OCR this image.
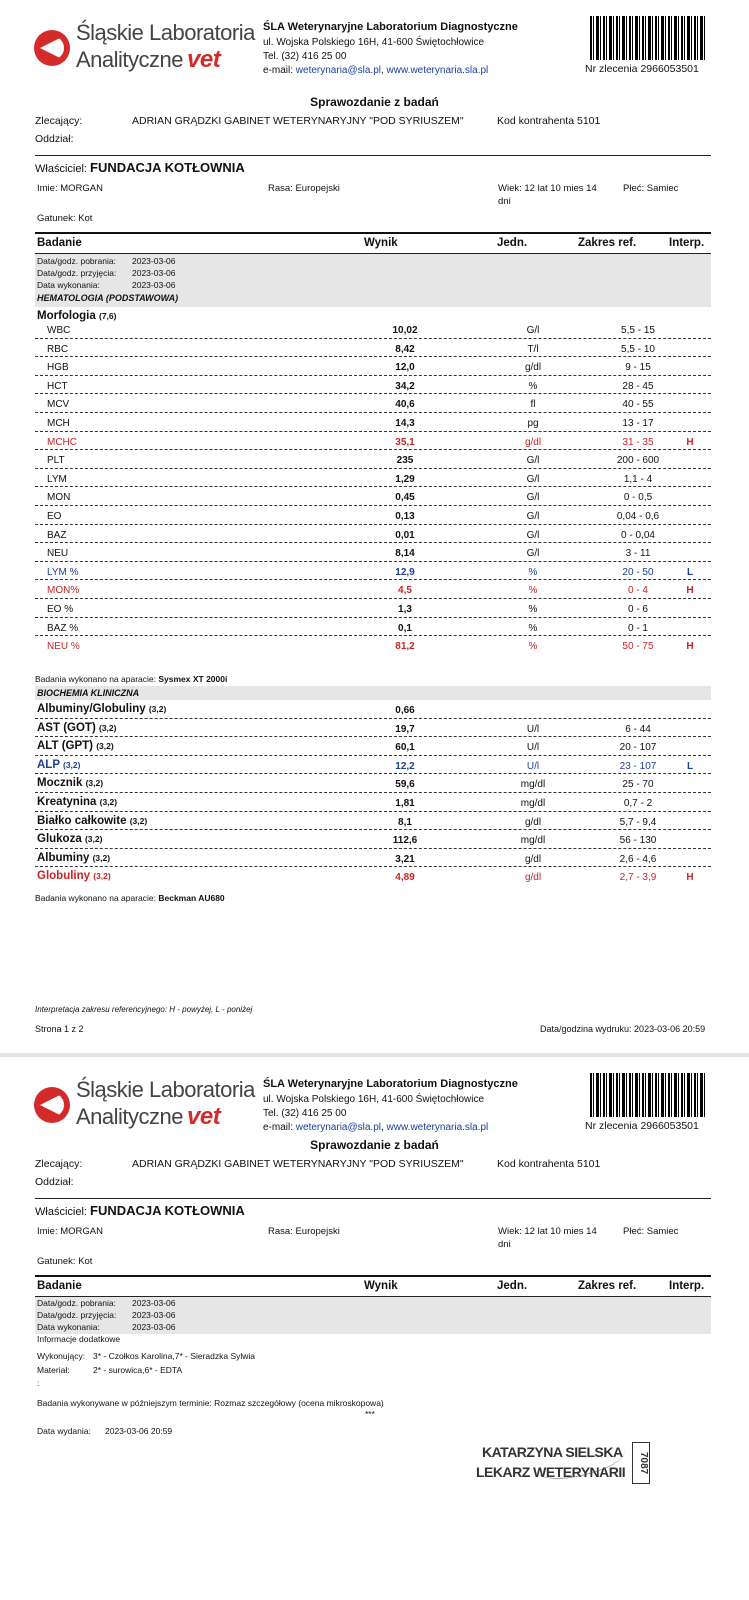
Śląskie Laboratoria
Analityczne vet
ŚLA Weterynaryjne Laboratorium Diagnostyczne
ul. Wojska Polskiego 16H, 41-600 Świętochłowice
Tel. (32) 416 25 00
e-mail: weterynaria@sla.pl, www.weterynaria.sla.pl	Nr zlecenia 2966053501
Sprawozdanie z badań
Zlecający:	ADRIAN GRĄDZKI GABINET WETERYNARYJNY "POD SYRIUSZEM"	Kod kontrahenta 5101
Oddział:
Właściciel: FUNDACJA KOTŁOWNIA
Imie: MORGAN	Rasa: Europejski	Wiek: 12 lat 10 mies 14
dni
Płeć: Samiec
Gatunek: Kot
Badanie	Wynik	Jedn.	Zakres ref.	Interp.
Data/godz. pobrania: 2023-03-06
Data/godz. przyjęcia: 2023-03-06
Data wykonania:	2023-03-06
HEMATOLOGIA (PODSTAWOWA)
Morfologia (7,6)
WBC	10,02	G/l	5,5 - 15
RBC	8,42	T/l	5,5 - 10
HGB	12,0	g/dl	9 - 15
HCT	34,2	%	28 - 45
MCV	40,6	fl	40 - 55
MCH	14,3	pg	13 - 17
MCHC	35,1	g/dl	31 - 35	H
PLT	235	G/l	200 - 600
LYM	1,29	G/l	1,1 - 4
MON	0,45	G/l	0 - 0,5
EO	0,13	G/l	0,04 - 0,6
BAZ	0,01	G/l	0 - 0,04
NEU	8,14	G/l	3 - 11
LYM %	12,9	%	20 - 50	L
MON%	4,5	%	0 - 4	H
EO %	1,3	%	0 - 6
BAZ %	0,1	%	0 - 1
NEU %	81,2	%	50 - 75	H
Badania wykonano na aparacie: Sysmex XT 2000i
BIOCHEMIA KLINICZNA
Albuminy/Globuliny (3,2)	0,66
AST (GOT) (3,2)	19,7	U/l	6 - 44
ALT (GPT) (3,2)	60,1	U/l	20 - 107
ALP (3,2)	12,2	U/l	23 - 107	L
Mocznik (3,2)	59,6	mg/dl	25 - 70
Kreatynina (3,2)	1,81	mg/dl	0,7 - 2
Białko całkowite (3,2)	8,1	g/dl	5,7 - 9,4
Glukoza (3,2)	112,6	mg/dl	56 - 130
Albuminy (3,2)	3,21	g/dl	2,6 - 4,6
Globuliny (3,2)	4,89	g/dl	2,7 - 3,9	H
Badania wykonano na aparacie: Beckman AU680
Interpretacja zakresu referencyjnego: H - powyżej, L - poniżej
Strona 1 z 2	Data/godzina wydruku: 2023-03-06 20:59
Śląskie Laboratoria
Analityczne vet
ŚLA Weterynaryjne Laboratorium Diagnostyczne
ul. Wojska Polskiego 16H, 41-600 Świętochłowice
Tel. (32) 416 25 00
e-mail: weterynaria@sla.pl, www.weterynaria.sla.pl	Nr zlecenia 2966053501
Sprawozdanie z badań
Zlecający:	ADRIAN GRĄDZKI GABINET WETERYNARYJNY "POD SYRIUSZEM"	Kod kontrahenta 5101
Oddział:
Właściciel: FUNDACJA KOTŁOWNIA
Imie: MORGAN	Rasa: Europejski	Wiek: 12 lat 10 mies 14
dni
Płeć: Samiec
Gatunek: Kot
Badanie	Wynik	Jedn.	Zakres ref.	Interp.
Data/godz. pobrania: 2023-03-06
Data/godz. przyjęcia: 2023-03-06
Data wykonania:	2023-03-06
Informacje dodatkowe
Wykonujący: 3* - Czołkos Karolina,7* - Sieradzka Sylwia
Materiał:	2* - surowica,6* - EDTA
:
Badania wykonywane w późniejszym terminie: Rozmaz szczegółowy (ocena mikroskopowa)
***
Data wydania: 2023-03-06 20:59
KATARZYNA SIELSKA
LEKARZ WETERYNARII	7087
